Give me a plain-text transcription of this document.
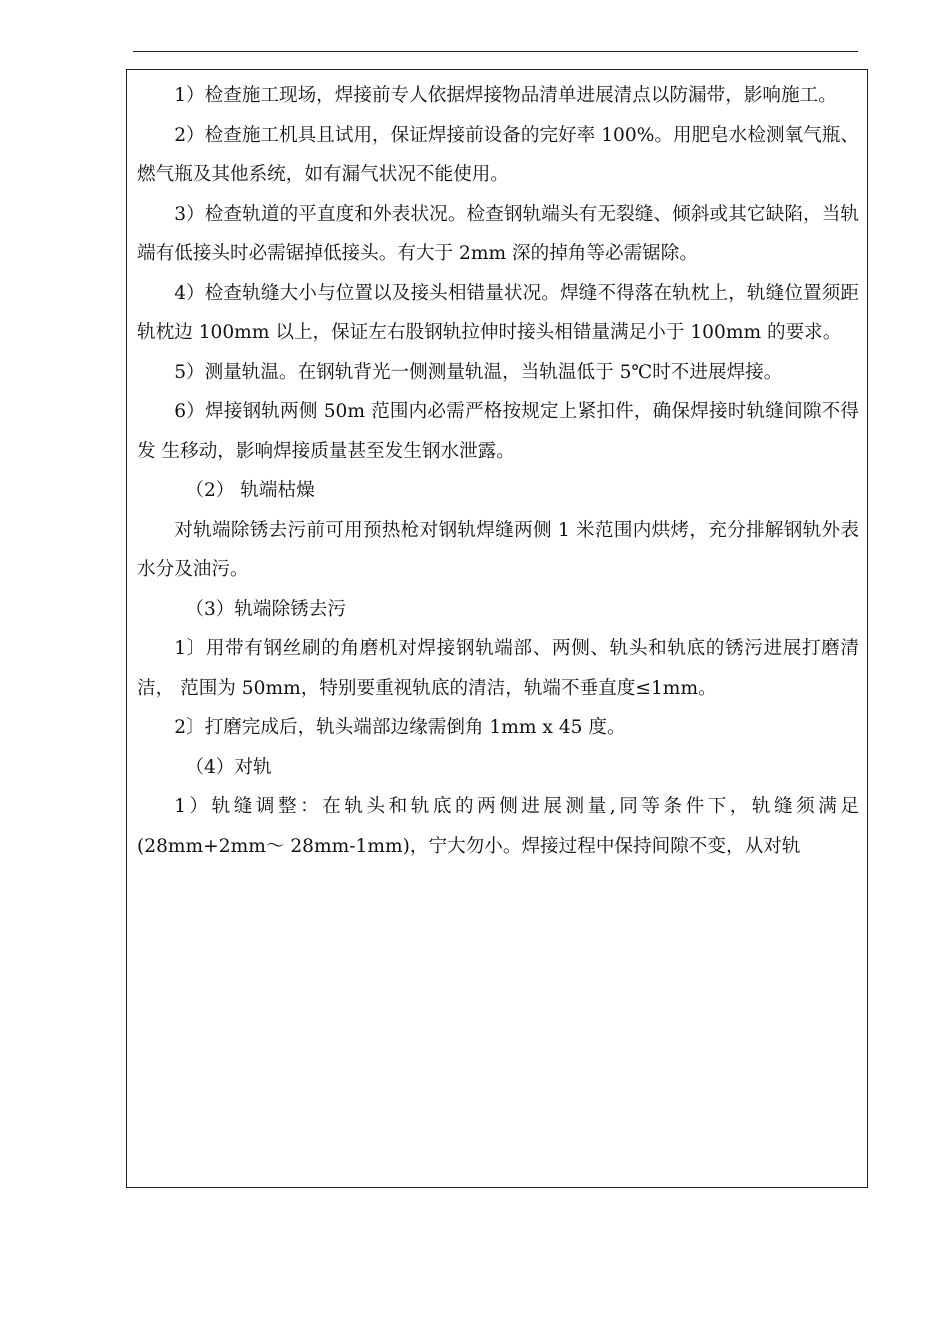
1）检查施工现场，焊接前专人依据焊接物品清单进展清点以防漏带，影响施工。

2）检查施工机具且试用，保证焊接前设备的完好率 100%。用肥皂水检测氧气瓶、燃气瓶及其他系统，如有漏气状况不能使用。

3）检查轨道的平直度和外表状况。检查钢轨端头有无裂缝、倾斜或其它缺陷，当轨端有低接头时必需锯掉低接头。有大于 2mm 深的掉角等必需锯除。

4）检查轨缝大小与位置以及接头相错量状况。焊缝不得落在轨枕上，轨缝位置须距轨枕边 100mm 以上，保证左右股钢轨拉伸时接头相错量满足小于 100mm 的要求。

5）测量轨温。在钢轨背光一侧测量轨温，当轨温低于 5℃时不进展焊接。

6）焊接钢轨两侧 50m 范围内必需严格按规定上紧扣件，确保焊接时轨缝间隙不得发 生移动，影响焊接质量甚至发生钢水泄露。

（2） 轨端枯燥

对轨端除锈去污前可用预热枪对钢轨焊缝两侧 1 米范围内烘烤，充分排解钢轨外表水分及油污。

（3）轨端除锈去污

1〕用带有钢丝刷的角磨机对焊接钢轨端部、两侧、轨头和轨底的锈污进展打磨清洁， 范围为 50mm，特别要重视轨底的清洁，轨端不垂直度≤1mm。

2〕打磨完成后，轨头端部边缘需倒角 1mm x 45 度。

（4）对轨

1）轨缝调整：在轨头和轨底的两侧进展测量,同等条件下，轨缝须满足(28mm+2mm～ 28mm-1mm)，宁大勿小。焊接过程中保持间隙不变，从对轨
